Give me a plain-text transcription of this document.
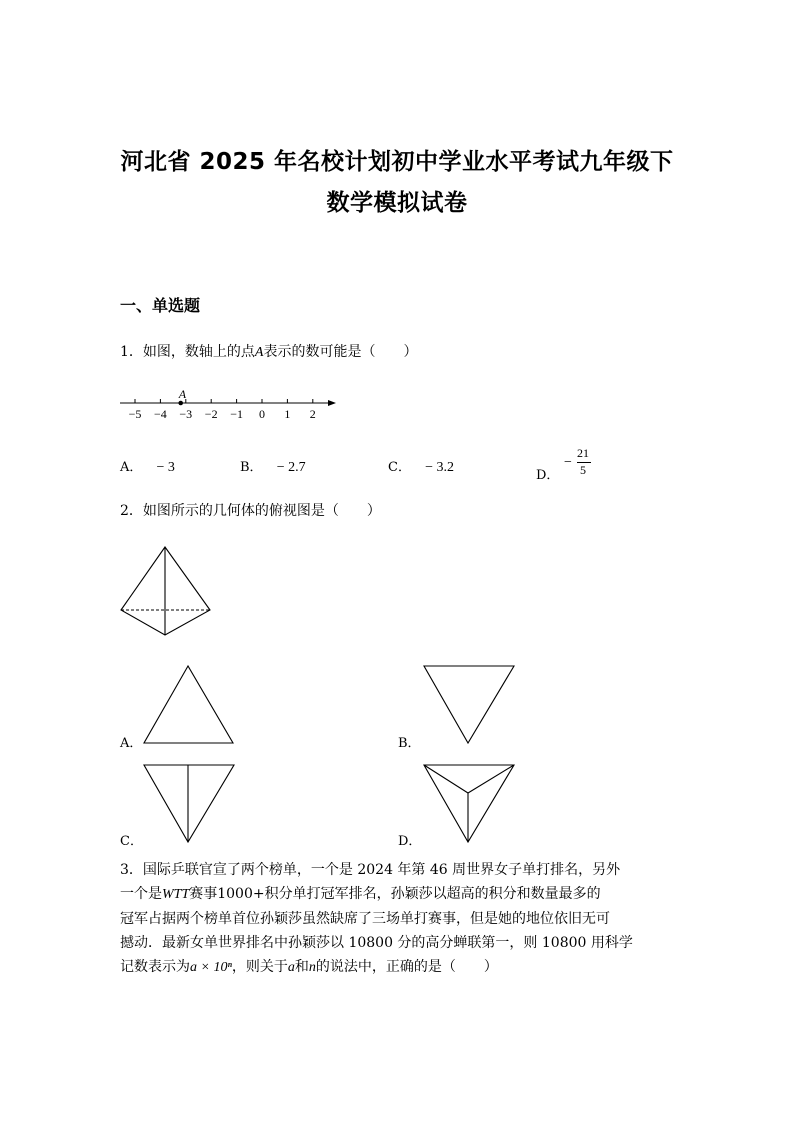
河北省 2025 年名校计划初中学业水平考试九年级下
数学模拟试卷
一、单选题
1．如图，数轴上的点A表示的数可能是（　　）
−5 −4 −3 −2 −1 0 1 2
A
A． − 3	B． − 2.7	C． − 3.2
D．
−
21
5
2．如图所示的几何体的俯视图是（　　）
A．	B．
C．	D．

3．国际乒联官宣了两个榜单，一个是 2024 年第 46 周世界女子单打排名，另外

一个是WTT赛事1000+积分单打冠军排名，孙颖莎以超高的积分和数量最多的

冠军占据两个榜单首位孙颖莎虽然缺席了三场单打赛事，但是她的地位依旧无可

撼动．最新女单世界排名中孙颖莎以 10800 分的高分蝉联第一，则 10800 用科学

记数表示为a × 10ⁿ，则关于a和n的说法中，正确的是（　　）
